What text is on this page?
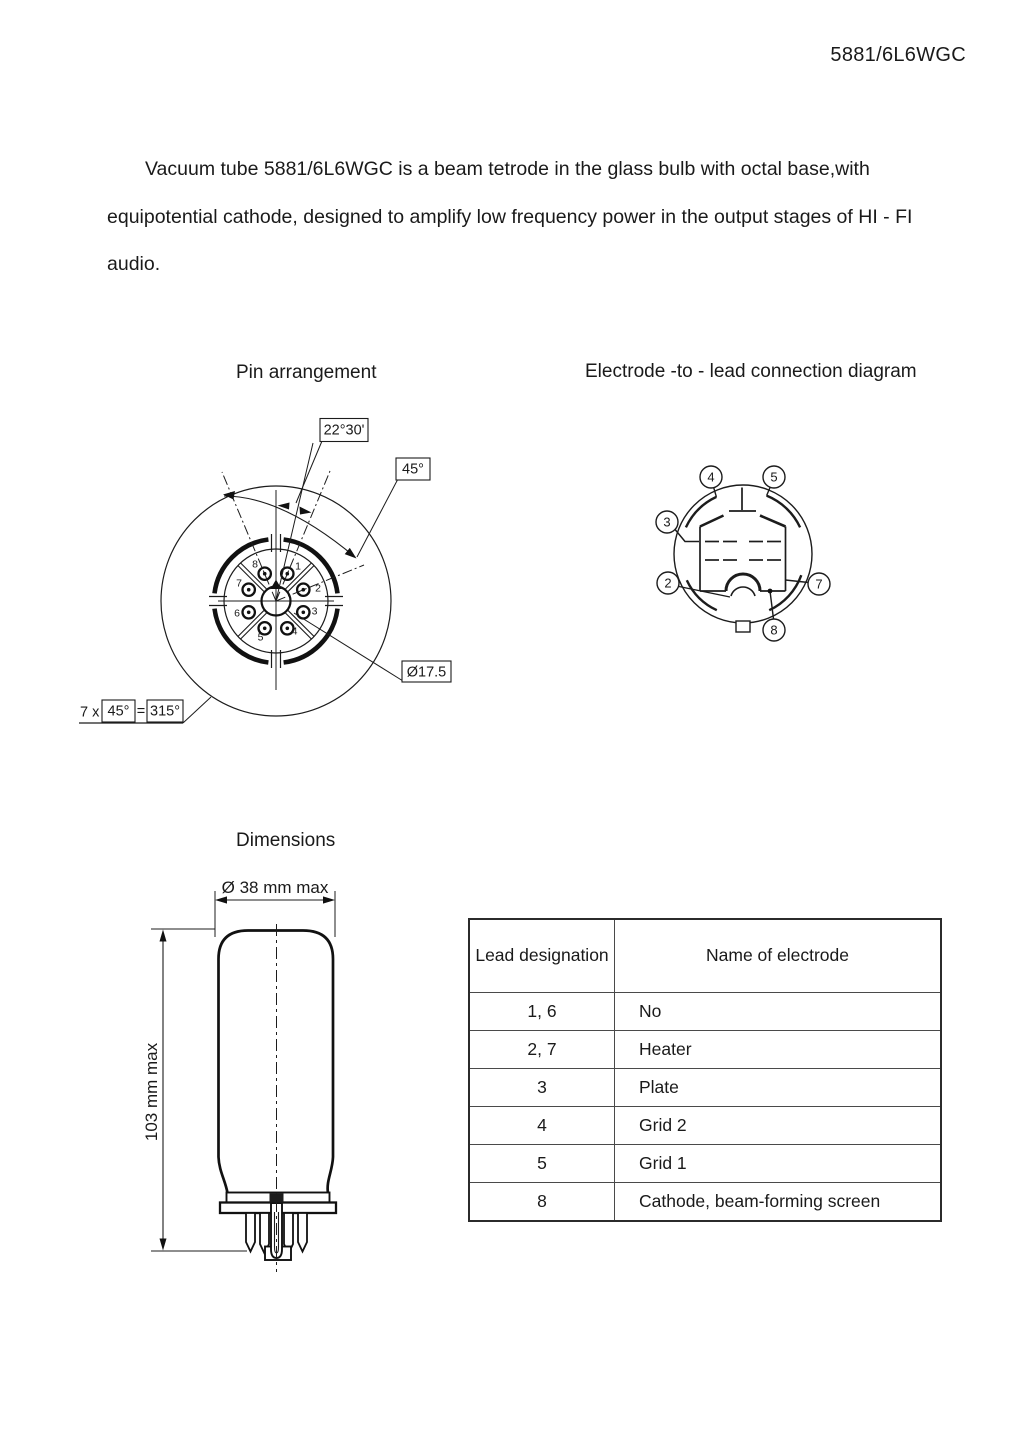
5881/6L6WGC
Vacuum tube 5881/6L6WGC is a beam tetrode in the glass bulb with octal base,with
equipotential cathode, designed to amplify low frequency power in the output stages of HI - FI
audio.
Pin arrangement	Electrode -to - lead connection diagram
Dimensions
1
2
3
4
5
6
7
8
22°30'
45°
Ø17.5
7 x 45° = 315°
4	5
3
2	7
8
Ø 38 mm max
103 mm max
Lead designation	Name of electrode
1, 6	No
2, 7	Heater
3	Plate
4	Grid 2
5	Grid 1
8	Cathode, beam-forming screen
